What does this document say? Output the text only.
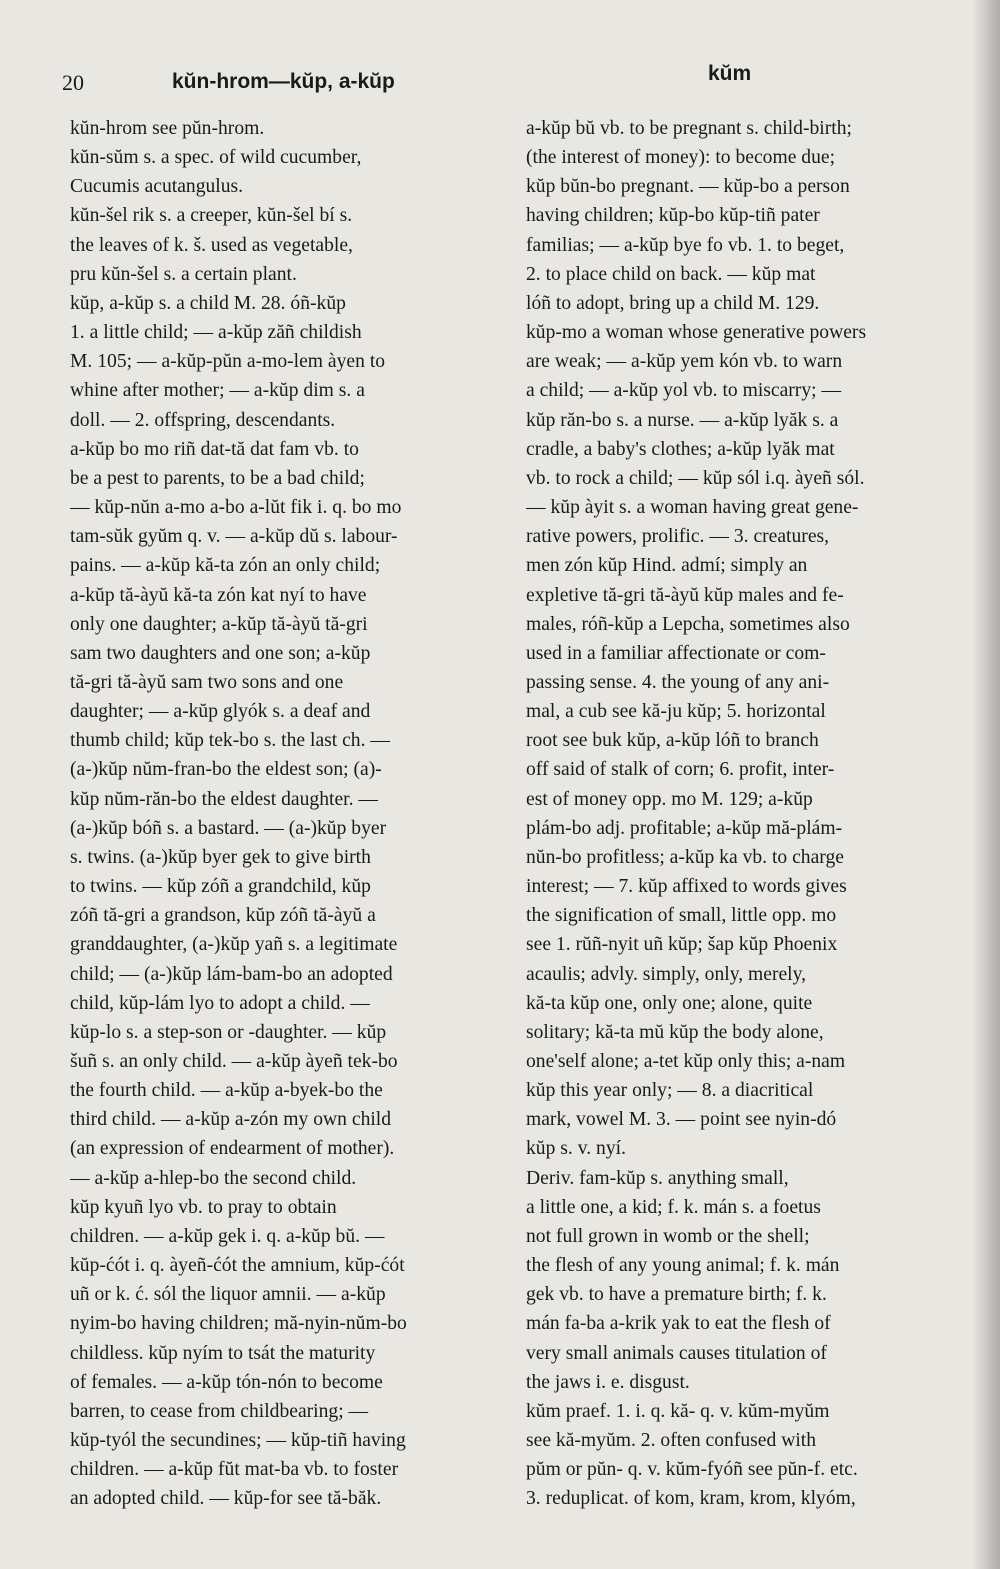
20	kŭn-hrom—kŭp, a-kŭp	kŭm
kŭn-hrom see pŭn-hrom.
kŭn-sŭm s. a spec. of wild cucumber,
Cucumis acutangulus.
kŭn-šel rik s. a creeper, kŭn-šel bí s.
the leaves of k. š. used as vegetable,
pru kŭn-šel s. a certain plant.
kŭp, a-kŭp s. a child M. 28. óñ-kŭp
1. a little child; — a-kŭp zăñ childish
M. 105; — a-kŭp-pŭn a-mo-lem àyen to
whine after mother; — a-kŭp dim s. a
doll. — 2. offspring, descendants.
a-kŭp bo mo riñ dat-tă dat fam vb. to
be a pest to parents, to be a bad child;
— kŭp-nŭn a-mo a-bo a-lŭt fik i. q. bo mo
tam-sŭk gyŭm q. v. — a-kŭp dŭ s. labour-
pains. — a-kŭp kă-ta zón an only child;
a-kŭp tă-àyŭ kă-ta zón kat nyí to have
only one daughter; a-kŭp tă-àyŭ tă-gri
sam two daughters and one son; a-kŭp
tă-gri tă-àyŭ sam two sons and one
daughter; — a-kŭp glyók s. a deaf and
thumb child; kŭp tek-bo s. the last ch. —
(a-)kŭp nŭm-fran-bo the eldest son; (a)-
kŭp nŭm-răn-bo the eldest daughter. —
(a-)kŭp bóñ s. a bastard. — (a-)kŭp byer
s. twins. (a-)kŭp byer gek to give birth
to twins. — kŭp zóñ a grandchild, kŭp
zóñ tă-gri a grandson, kŭp zóñ tă-àyŭ a
granddaughter, (a-)kŭp yañ s. a legitimate
child; — (a-)kŭp lám-bam-bo an adopted
child, kŭp-lám lyo to adopt a child. —
kŭp-lo s. a step-son or -daughter. — kŭp
šuñ s. an only child. — a-kŭp àyeñ tek-bo
the fourth child. — a-kŭp a-byek-bo the
third child. — a-kŭp a-zón my own child
(an expression of endearment of mother).
— a-kŭp a-hlep-bo the second child.
kŭp kyuñ lyo vb. to pray to obtain
children. — a-kŭp gek i. q. a-kŭp bŭ. —
kŭp-ćót i. q. àyeñ-ćót the amnium, kŭp-ćót
uñ or k. ć. sól the liquor amnii. — a-kŭp
nyim-bo having children; mă-nyin-nŭm-bo
childless. kŭp nyím to tsát the maturity
of females. — a-kŭp tón-nón to become
barren, to cease from childbearing; —
kŭp-tyól the secundines; — kŭp-tiñ having
children. — a-kŭp fŭt mat-ba vb. to foster
an adopted child. — kŭp-for see tă-băk.
a-kŭp bŭ vb. to be pregnant s. child-birth;
(the interest of money): to become due;
kŭp bŭn-bo pregnant. — kŭp-bo a person
having children; kŭp-bo kŭp-tiñ pater
familias; — a-kŭp bye fo vb. 1. to beget,
2. to place child on back. — kŭp mat
lóñ to adopt, bring up a child M. 129.
kŭp-mo a woman whose generative powers
are weak; — a-kŭp yem kón vb. to warn
a child; — a-kŭp yol vb. to miscarry; —
kŭp răn-bo s. a nurse. — a-kŭp lyăk s. a
cradle, a baby's clothes; a-kŭp lyăk mat
vb. to rock a child; — kŭp sól i.q. àyeñ sól.
— kŭp àyit s. a woman having great gene-
rative powers, prolific. — 3. creatures,
men zón kŭp Hind. admí; simply an
expletive tă-gri tă-àyŭ kŭp males and fe-
males, róñ-kŭp a Lepcha, sometimes also
used in a familiar affectionate or com-
passing sense. 4. the young of any ani-
mal, a cub see kă-ju kŭp; 5. horizontal
root see buk kŭp, a-kŭp lóñ to branch
off said of stalk of corn; 6. profit, inter-
est of money opp. mo M. 129; a-kŭp
plám-bo adj. profitable; a-kŭp mă-plám-
nŭn-bo profitless; a-kŭp ka vb. to charge
interest; — 7. kŭp affixed to words gives
the signification of small, little opp. mo
see 1. rŭñ-nyit uñ kŭp; šap kŭp Phoenix
acaulis; advly. simply, only, merely,
kă-ta kŭp one, only one; alone, quite
solitary; kă-ta mŭ kŭp the body alone,
one'self alone; a-tet kŭp only this; a-nam
kŭp this year only; — 8. a diacritical
mark, vowel M. 3. — point see nyin-dó
kŭp s. v. nyí.
Deriv. fam-kŭp s. anything small,
a little one, a kid; f. k. mán s. a foetus
not full grown in womb or the shell;
the flesh of any young animal; f. k. mán
gek vb. to have a premature birth; f. k.
mán fa-ba a-krik yak to eat the flesh of
very small animals causes titulation of
the jaws i. e. disgust.
kŭm praef. 1. i. q. kă- q. v. kŭm-myŭm
see kă-myŭm. 2. often confused with
pŭm or pŭn- q. v. kŭm-fyóñ see pŭn-f. etc.
3. reduplicat. of kom, kram, krom, klyóm,
